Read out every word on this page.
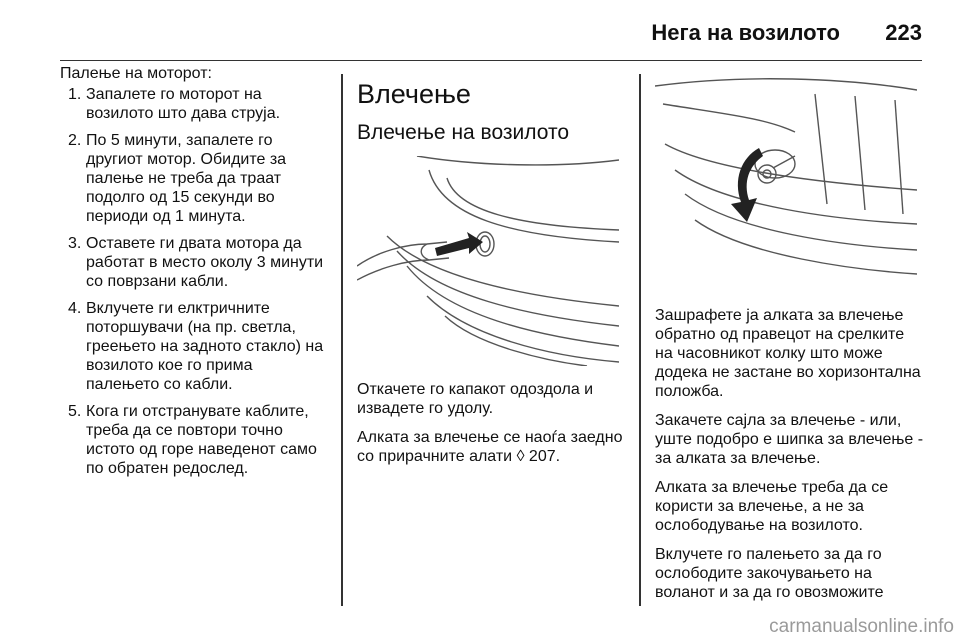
Нега на возилото 223

Палење на моторот:

1. Запалете го моторот на возилото што дава струја.
2. По 5 минути, запалете го другиот мотор. Обидите за палење не треба да траат подолго од 15 секунди во периоди од 1 минута.
3. Оставете ги двата мотора да работат в место околу 3 минути со поврзани кабли.
4. Вклучете ги елктричните потоpшувачи (на пр. светла, греењето на задното стакло) на возилото кое го прима палењето со кабли.
5. Кога ги отстранувате каблите, треба да се повтори точно истото од горе наведенот само по обратен редослед.
Влечење
Влечење на возилото

Откачете го капакот одоздола и извадете го удолу.

Алката за влечење се наоѓа заедно со прирачните алати ◊ 207.

Зашрафете ја алката за влечење обратно од правецот на срелките на часовникот колку што може додека не застане во хоризонтална положба.

Закачете сајла за влечење - или, уште подобро е шипка за влечење - за алката за влечење.

Алката за влечење треба да се користи за влечење, а не за ослободување на возилото.

Вклучете го палењето за да го ослободите закочувањето на воланот и за да го овозможите

carmanualsonline.info
